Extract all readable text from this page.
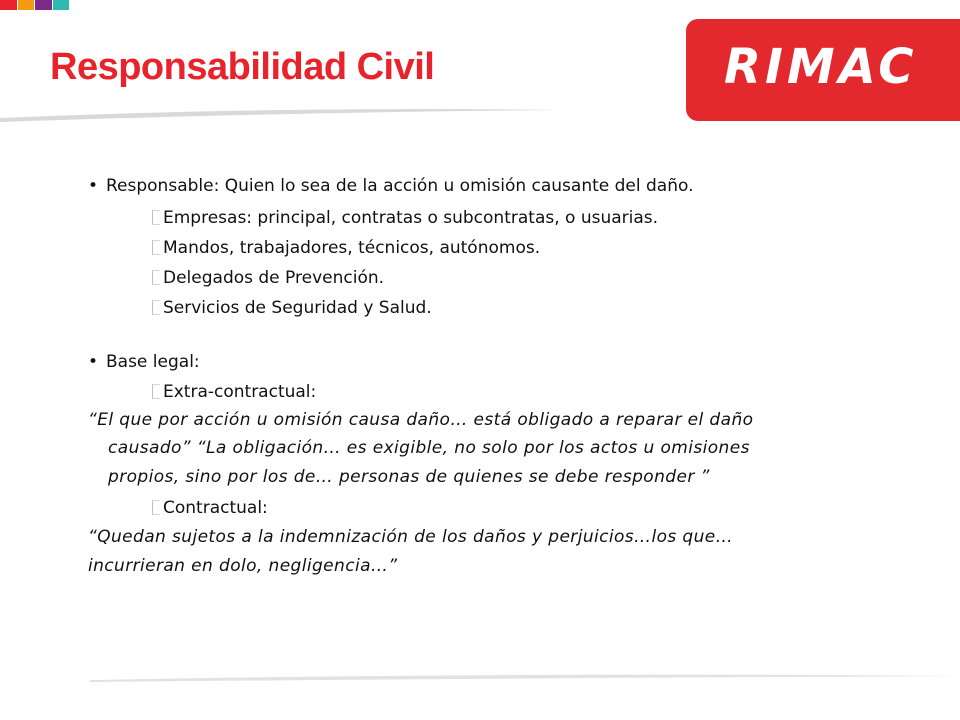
Responsabilidad Civil	RIMAC
• Responsable: Quien lo sea de la acción u omisión causante del daño.
Empresas: principal, contratas o subcontratas, o usuarias.
Mandos, trabajadores, técnicos, autónomos.
Delegados de Prevención.
Servicios de Seguridad y Salud.
• Base legal:
Extra-contractual:
“El que por acción u omisión causa daño… está obligado a reparar el daño
causado” “La obligación… es exigible, no solo por los actos u omisiones
propios, sino por los de… personas de quienes se debe responder ”
Contractual:
“Quedan sujetos a la indemnización de los daños y perjuicios…los que…
incurrieran en dolo, negligencia…”
